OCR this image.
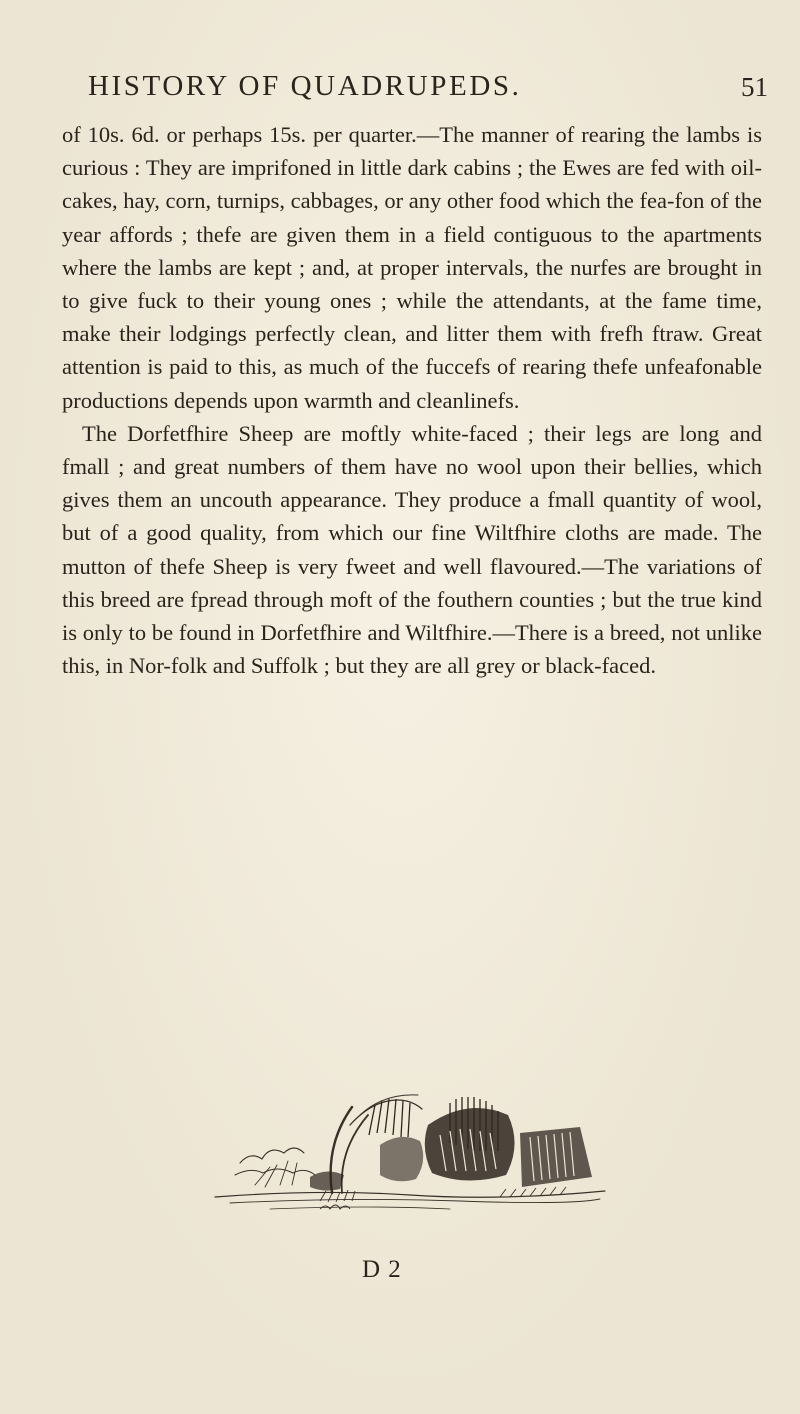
HISTORY OF QUADRUPEDS.	51

of 10s. 6d. or perhaps 15s. per quarter.—The manner of rearing the lambs is curious : They are imprifoned in little dark cabins ; the Ewes are fed with oil-cakes, hay, corn, turnips, cabbages, or any other food which the fea-fon of the year affords ; thefe are given them in a field contiguous to the apartments where the lambs are kept ; and, at proper intervals, the nurfes are brought in to give fuck to their young ones ; while the attendants, at the fame time, make their lodgings perfectly clean, and litter them with frefh ftraw. Great attention is paid to this, as much of the fuccefs of rearing thefe unfeafonable productions depends upon warmth and cleanlinefs.

The Dorfetfhire Sheep are moftly white-faced ; their legs are long and fmall ; and great numbers of them have no wool upon their bellies, which gives them an uncouth appearance. They produce a fmall quantity of wool, but of a good quality, from which our fine Wiltfhire cloths are made. The mutton of thefe Sheep is very fweet and well flavoured.—The variations of this breed are fpread through moft of the fouthern counties ; but the true kind is only to be found in Dorfetfhire and Wiltfhire.—There is a breed, not unlike this, in Nor-folk and Suffolk ; but they are all grey or black-faced.

D 2
